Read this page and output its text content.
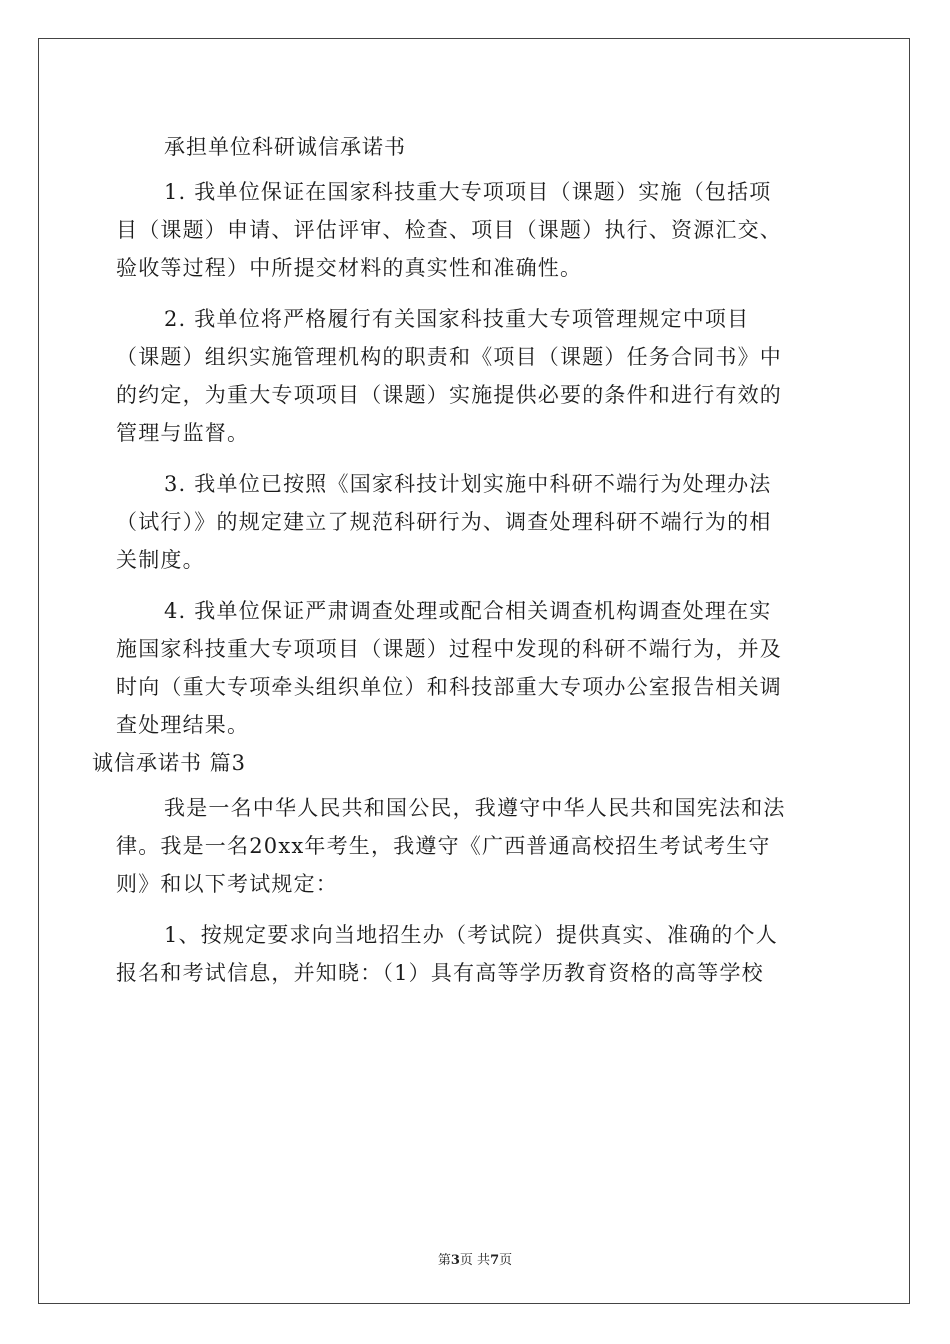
承担单位科研诚信承诺书
1. 我单位保证在国家科技重大专项项目（课题）实施（包括项
目（课题）申请、评估评审、检查、项目（课题）执行、资源汇交、
验收等过程）中所提交材料的真实性和准确性。
2. 我单位将严格履行有关国家科技重大专项管理规定中项目
（课题）组织实施管理机构的职责和《项目（课题）任务合同书》中
的约定，为重大专项项目（课题）实施提供必要的条件和进行有效的
管理与监督。
3. 我单位已按照《国家科技计划实施中科研不端行为处理办法
（试行）》的规定建立了规范科研行为、调查处理科研不端行为的相
关制度。
4. 我单位保证严肃调查处理或配合相关调查机构调查处理在实
施国家科技重大专项项目（课题）过程中发现的科研不端行为，并及
时向（重大专项牵头组织单位）和科技部重大专项办公室报告相关调
查处理结果。
诚信承诺书 篇3
我是一名中华人民共和国公民，我遵守中华人民共和国宪法和法
律。我是一名20xx年考生，我遵守《广西普通高校招生考试考生守
则》和以下考试规定：
1、按规定要求向当地招生办（考试院）提供真实、准确的个人
报名和考试信息，并知晓：（1）具有高等学历教育资格的高等学校
第3页 共7页
